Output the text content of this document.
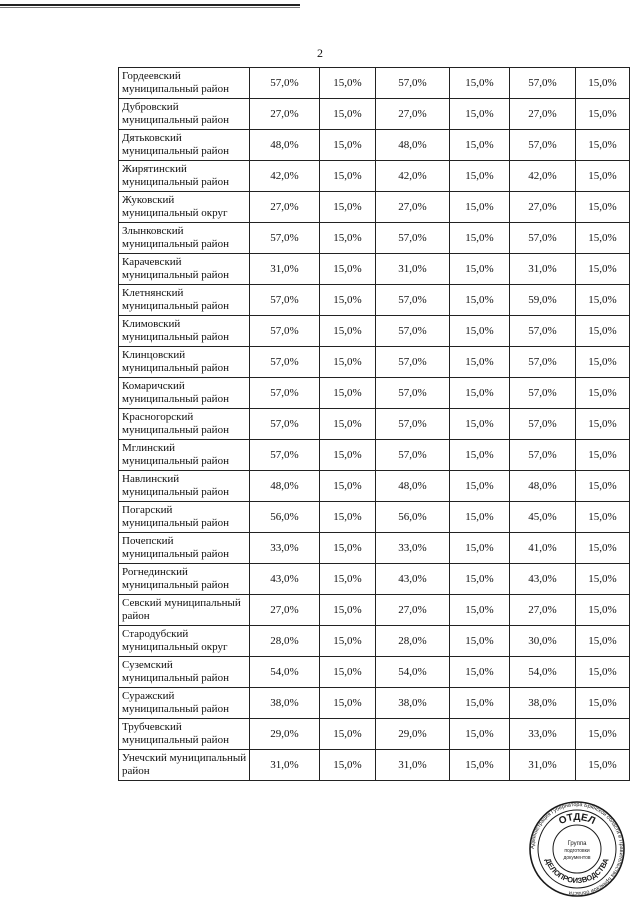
2
Гордеевский муниципальный район	57,0%	15,0%	57,0%	15,0%	57,0%	15,0%
Дубровский муниципальный район	27,0%	15,0%	27,0%	15,0%	27,0%	15,0%
Дятьковский муниципальный район	48,0%	15,0%	48,0%	15,0%	57,0%	15,0%
Жирятинский муниципальный район	42,0%	15,0%	42,0%	15,0%	42,0%	15,0%
Жуковский муниципальный округ	27,0%	15,0%	27,0%	15,0%	27,0%	15,0%
Злынковский муниципальный район	57,0%	15,0%	57,0%	15,0%	57,0%	15,0%
Карачевский муниципальный район	31,0%	15,0%	31,0%	15,0%	31,0%	15,0%
Клетнянский муниципальный район	57,0%	15,0%	57,0%	15,0%	59,0%	15,0%
Климовский муниципальный район	57,0%	15,0%	57,0%	15,0%	57,0%	15,0%
Клинцовский муниципальный район	57,0%	15,0%	57,0%	15,0%	57,0%	15,0%
Комаричский муниципальный район	57,0%	15,0%	57,0%	15,0%	57,0%	15,0%
Красногорский муниципальный район	57,0%	15,0%	57,0%	15,0%	57,0%	15,0%
Мглинский муниципальный район	57,0%	15,0%	57,0%	15,0%	57,0%	15,0%
Навлинский муниципальный район	48,0%	15,0%	48,0%	15,0%	48,0%	15,0%
Погарский муниципальный район	56,0%	15,0%	56,0%	15,0%	45,0%	15,0%
Почепский муниципальный район	33,0%	15,0%	33,0%	15,0%	41,0%	15,0%
Рогнединский муниципальный район	43,0%	15,0%	43,0%	15,0%	43,0%	15,0%
Севский муниципальный район	27,0%	15,0%	27,0%	15,0%	27,0%	15,0%
Стародубский муниципальный округ	28,0%	15,0%	28,0%	15,0%	30,0%	15,0%
Суземский муниципальный район	54,0%	15,0%	54,0%	15,0%	54,0%	15,0%
Суражский муниципальный район	38,0%	15,0%	38,0%	15,0%	38,0%	15,0%
Трубчевский муниципальный район	29,0%	15,0%	29,0%	15,0%	33,0%	15,0%
Унечский муниципальный район	31,0%	15,0%	31,0%	15,0%	31,0%	15,0%
Администрация Губернатора Брянской области и Правительства Брянской области
ОТДЕЛ
ДЕЛОПРОИЗВОДСТВА
Группа
подготовки
документов
